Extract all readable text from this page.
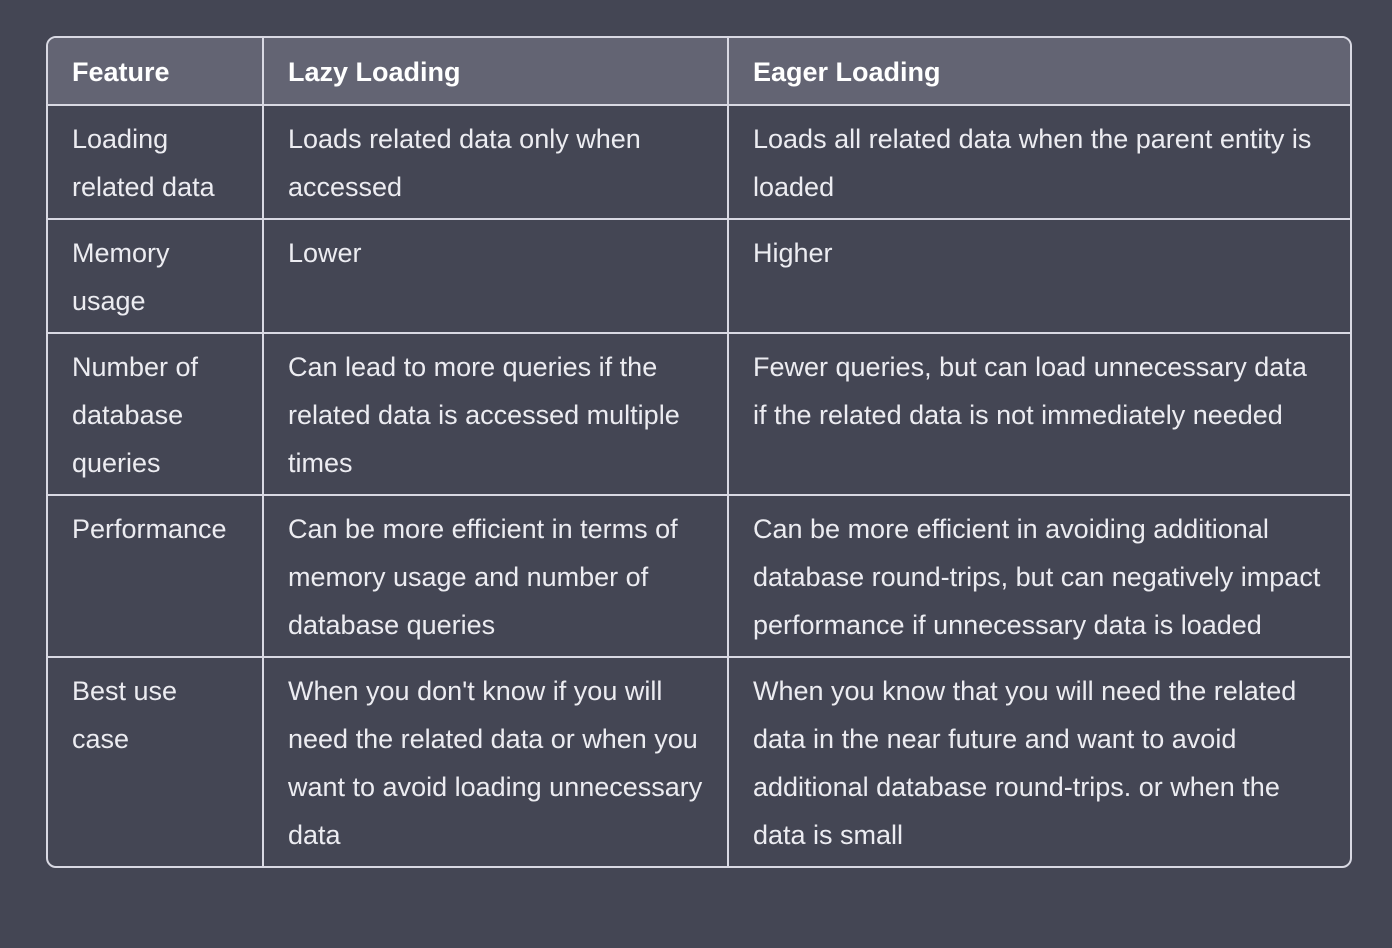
Feature	Lazy Loading	Eager Loading
Loading related data	Loads related data only when accessed	Loads all related data when the parent entity is loaded
Memory usage	Lower	Higher
Number of database queries	Can lead to more queries if the related data is accessed multiple times	Fewer queries, but can load unnecessary data if the related data is not immediately needed
Performance	Can be more efficient in terms of memory usage and number of database queries	Can be more efficient in avoiding additional database round-trips, but can negatively impact performance if unnecessary data is loaded
Best use case	When you don't know if you will need the related data or when you want to avoid loading unnecessary data	When you know that you will need the related data in the near future and want to avoid additional database round-trips. or when the data is small
